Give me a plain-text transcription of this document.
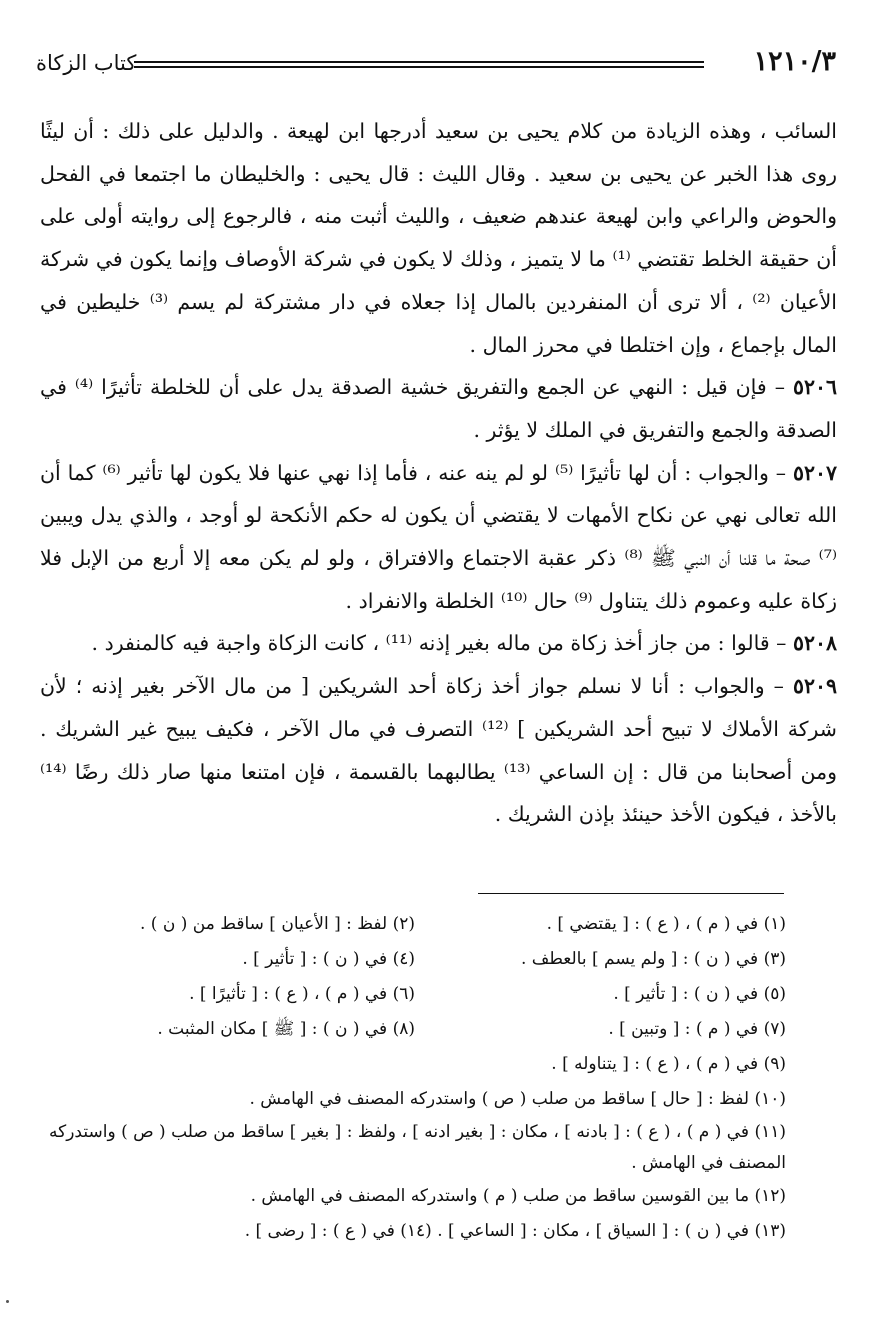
١٢١٠/٣
كتاب الزكاة

السائب ، وهذه الزيادة من كلام يحيى بن سعيد أدرجها ابن لهيعة . والدليل على ذلك : أن ليثًا روى هذا الخبر عن يحيى بن سعيد . وقال الليث : قال يحيى : والخليطان ما اجتمعا في الفحل والحوض والراعي وابن لهيعة عندهم ضعيف ، والليث أثبت منه ، فالرجوع إلى روايته أولى على أن حقيقة الخلط تقتضي ⁽¹⁾ ما لا يتميز ، وذلك لا يكون في شركة الأوصاف وإنما يكون في شركة الأعيان ⁽²⁾ ، ألا ترى أن المنفردين بالمال إذا جعلاه في دار مشتركة لم يسم ⁽³⁾ خليطين في المال بإجماع ، وإن اختلطا في محرز المال .

٥٢٠٦ – فإن قيل : النهي عن الجمع والتفريق خشية الصدقة يدل على أن للخلطة تأثيرًا ⁽⁴⁾ في الصدقة والجمع والتفريق في الملك لا يؤثر .

٥٢٠٧ – والجواب : أن لها تأثيرًا ⁽⁵⁾ لو لم ينه عنه ، فأما إذا نهي عنها فلا يكون لها تأثير ⁽⁶⁾ كما أن الله تعالى نهي عن نكاح الأمهات لا يقتضي أن يكون له حكم الأنكحة لو أوجد ، والذي يدل ويبين ⁽⁷⁾ صحة ما قلنا أن النبي ﷺ ⁽⁸⁾ ذكر عقبة الاجتماع والافتراق ، ولو لم يكن معه إلا أربع من الإبل فلا زكاة عليه وعموم ذلك يتناول ⁽⁹⁾ حال ⁽¹⁰⁾ الخلطة والانفراد .

٥٢٠٨ – قالوا : من جاز أخذ زكاة من ماله بغير إذنه ⁽¹¹⁾ ، كانت الزكاة واجبة فيه كالمنفرد .

٥٢٠٩ – والجواب : أنا لا نسلم جواز أخذ زكاة أحد الشريكين [ من مال الآخر بغير إذنه ؛ لأن شركة الأملاك لا تبيح أحد الشريكين ] ⁽¹²⁾ التصرف في مال الآخر ، فكيف يبيح غير الشريك . ومن أصحابنا من قال : إن الساعي ⁽¹³⁾ يطالبهما بالقسمة ، فإن امتنعا منها صار ذلك رضًا ⁽¹⁴⁾ بالأخذ ، فيكون الأخذ حينئذ بإذن الشريك .

(١) في ( م ) ، ( ع ) : [ يقتضي ] .
(٢) لفظ : [ الأعيان ] ساقط من ( ن ) .
(٣) في ( ن ) : [ ولم يسم ] بالعطف .
(٤) في ( ن ) : [ تأثير ] .
(٥) في ( ن ) : [ تأثير ] .
(٦) في ( م ) ، ( ع ) : [ تأثيرًا ] .
(٧) في ( م ) : [ وتبين ] .
(٨) في ( ن ) : [ ﷺ ] مكان المثبت .
(٩) في ( م ) ، ( ع ) : [ يتناوله ] .
(١٠) لفظ : [ حال ] ساقط من صلب ( ص ) واستدركه المصنف في الهامش .
(١١) في ( م ) ، ( ع ) : [ بادنه ] ، مكان : [ بغير ادنه ] ، ولفظ : [ بغير ] ساقط من صلب ( ص ) واستدركه المصنف في الهامش .
(١٢) ما بين القوسين ساقط من صلب ( م ) واستدركه المصنف في الهامش .
(١٣) في ( ن ) : [ السياق ] ، مكان : [ الساعي ] . (١٤) في ( ع ) : [ رضى ] .
